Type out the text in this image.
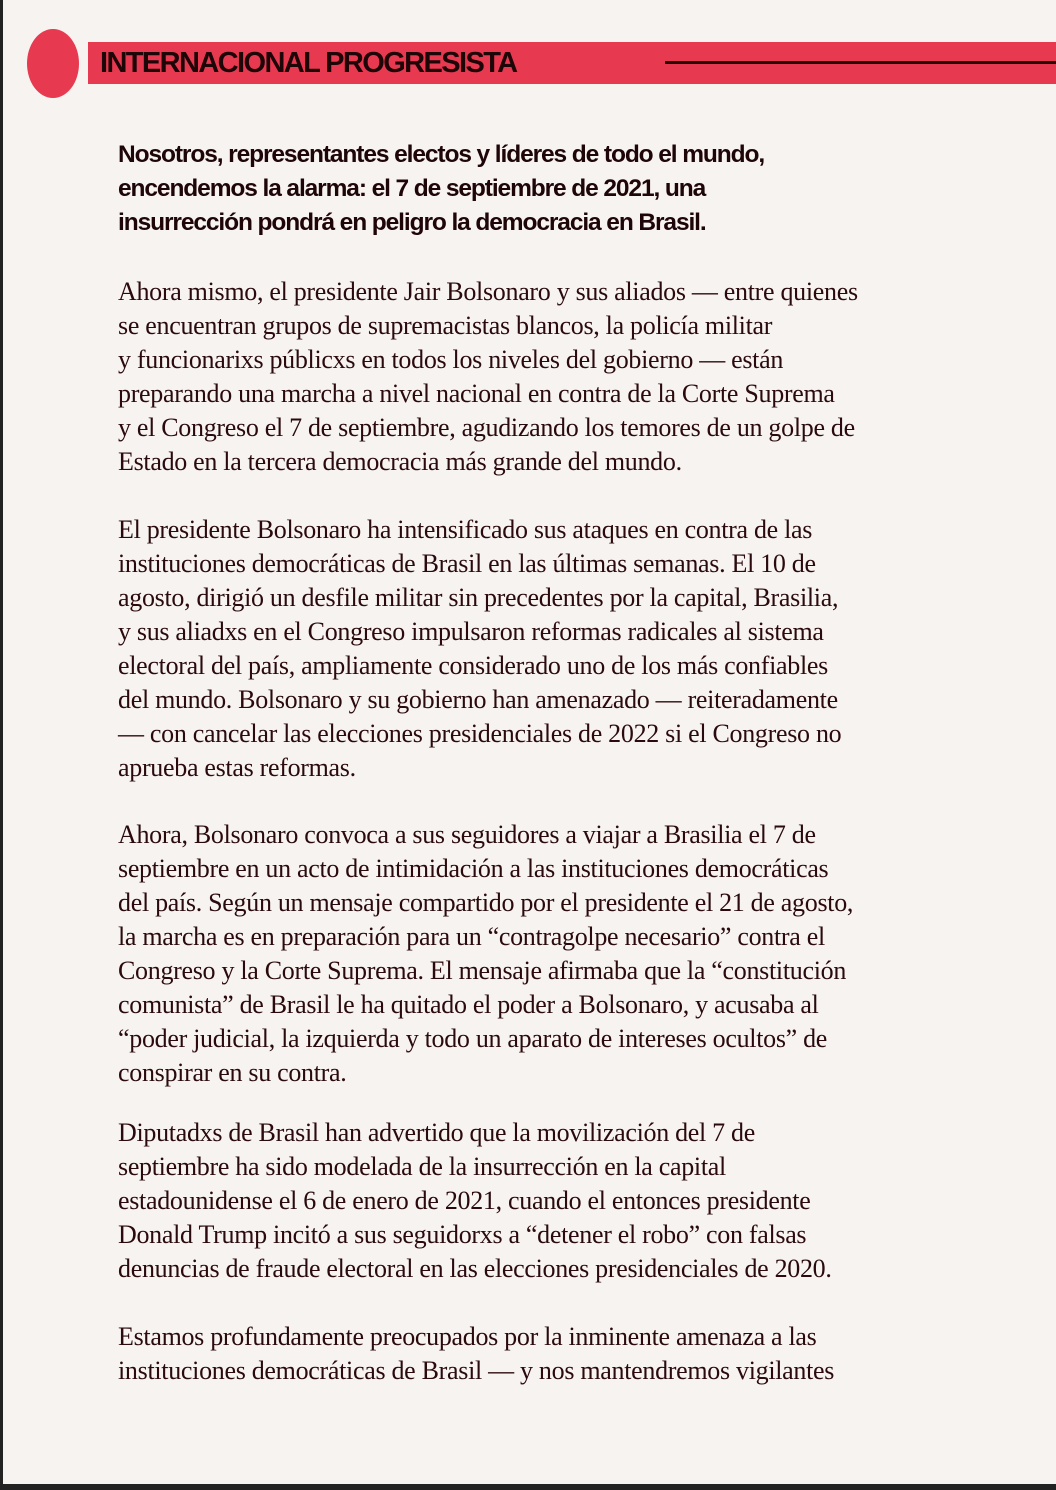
INTERNACIONAL PROGRESISTA
Nosotros, representantes electos y líderes de todo el mundo,
encendemos la alarma: el 7 de septiembre de 2021, una
insurrección pondrá en peligro la democracia en Brasil.

Ahora mismo, el presidente Jair Bolsonaro y sus aliados — entre quienes
se encuentran grupos de supremacistas blancos, la policía militar
y funcionarixs públicxs en todos los niveles del gobierno — están
preparando una marcha a nivel nacional en contra de la Corte Suprema
y el Congreso el 7 de septiembre, agudizando los temores de un golpe de
Estado en la tercera democracia más grande del mundo.

El presidente Bolsonaro ha intensificado sus ataques en contra de las
instituciones democráticas de Brasil en las últimas semanas. El 10 de
agosto, dirigió un desfile militar sin precedentes por la capital, Brasilia,
y sus aliadxs en el Congreso impulsaron reformas radicales al sistema
electoral del país, ampliamente considerado uno de los más confiables
del mundo. Bolsonaro y su gobierno han amenazado — reiteradamente
— con cancelar las elecciones presidenciales de 2022 si el Congreso no
aprueba estas reformas.

Ahora, Bolsonaro convoca a sus seguidores a viajar a Brasilia el 7 de
septiembre en un acto de intimidación a las instituciones democráticas
del país. Según un mensaje compartido por el presidente el 21 de agosto,
la marcha es en preparación para un “contragolpe necesario” contra el
Congreso y la Corte Suprema. El mensaje afirmaba que la “constitución
comunista” de Brasil le ha quitado el poder a Bolsonaro, y acusaba al
“poder judicial, la izquierda y todo un aparato de intereses ocultos” de
conspirar en su contra.

Diputadxs de Brasil han advertido que la movilización del 7 de
septiembre ha sido modelada de la insurrección en la capital
estadounidense el 6 de enero de 2021, cuando el entonces presidente
Donald Trump incitó a sus seguidorxs a “detener el robo” con falsas
denuncias de fraude electoral en las elecciones presidenciales de 2020.

Estamos profundamente preocupados por la inminente amenaza a las
instituciones democráticas de Brasil — y nos mantendremos vigilantes
